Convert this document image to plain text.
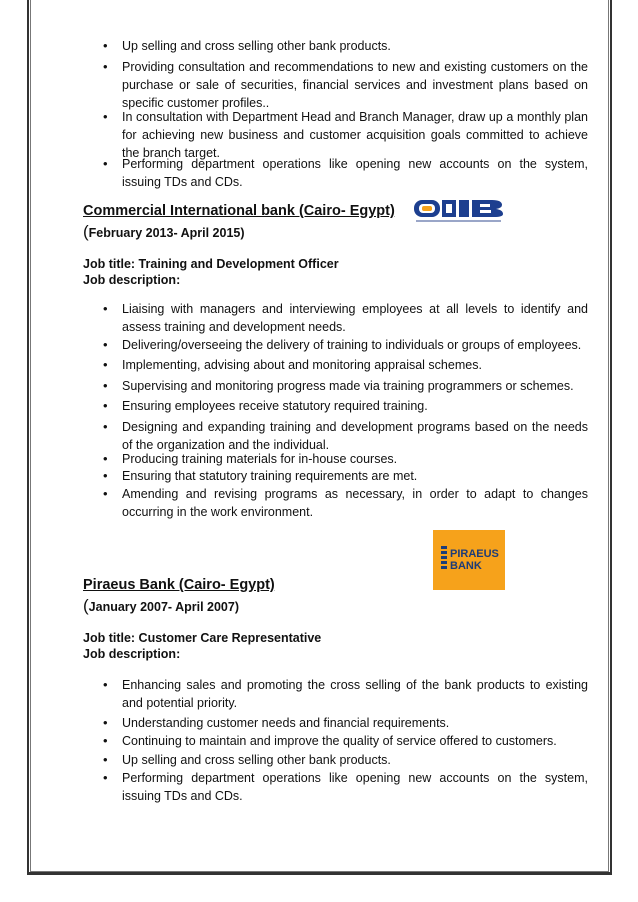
• Up selling and cross selling other bank products.
• Providing consultation and recommendations to new and existing customers on the purchase or sale of securities, financial services and investment plans based on specific customer profiles..
• In consultation with Department Head and Branch Manager, draw up a monthly plan for achieving new business and customer acquisition goals committed to achieve the branch target.
• Performing department operations like opening new accounts on the system, issuing TDs and CDs.
Commercial International bank (Cairo- Egypt)
(February 2013- April 2015)
Job title: Training and Development Officer
Job description:
• Liaising with managers and interviewing employees at all levels to identify and assess training and development needs.
• Delivering/overseeing the delivery of training to individuals or groups of employees.
• Implementing, advising about and monitoring appraisal schemes.
• Supervising and monitoring progress made via training programmers or schemes.
• Ensuring employees receive statutory required training.
• Designing and expanding training and development programs based on the needs of the organization and the individual.
• Producing training materials for in-house courses.
• Ensuring that statutory training requirements are met.
• Amending and revising programs as necessary, in order to adapt to changes occurring in the work environment.
PIRAEUS
BANK
Piraeus Bank (Cairo- Egypt)
(January 2007- April 2007)
Job title: Customer Care Representative
Job description:
• Enhancing sales and promoting the cross selling of the bank products to existing and potential priority.
• Understanding customer needs and financial requirements.
• Continuing to maintain and improve the quality of service offered to customers.
• Up selling and cross selling other bank products.
• Performing department operations like opening new accounts on the system, issuing TDs and CDs.
